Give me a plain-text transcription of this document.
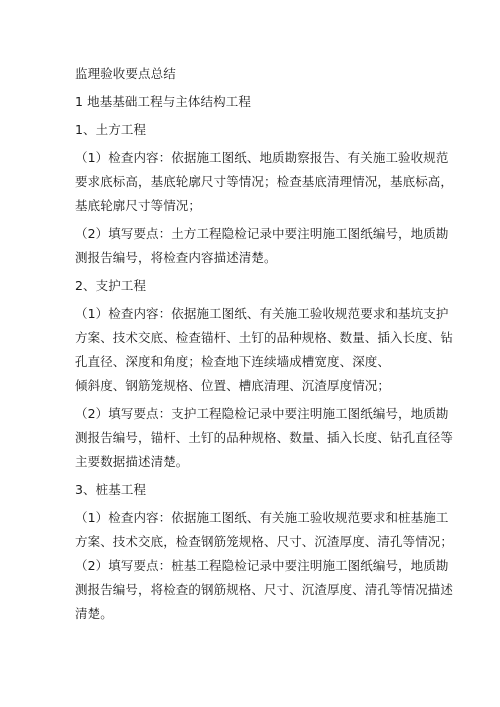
监理验收要点总结
1 地基基础工程与主体结构工程
1、土方工程
（1）检查内容：依据施工图纸、地质勘察报告、有关施工验收规范
要求底标高，基底轮廓尺寸等情况；检查基底清理情况，基底标高，
基底轮廓尺寸等情况；
（2）填写要点：土方工程隐检记录中要注明施工图纸编号，地质勘
测报告编号，将检查内容描述清楚。
2、支护工程
（1）检查内容：依据施工图纸、有关施工验收规范要求和基坑支护
方案、技术交底、检查锚杆、土钉的品种规格、数量、插入长度、钻
孔直径、深度和角度；检查地下连续墙成槽宽度、深度、
倾斜度、钢筋笼规格、位置、槽底清理、沉渣厚度情况；
（2）填写要点：支护工程隐检记录中要注明施工图纸编号，地质勘
测报告编号，锚杆、土钉的品种规格、数量、插入长度、钻孔直径等
主要数据描述清楚。
3、桩基工程
（1）检查内容：依据施工图纸、有关施工验收规范要求和桩基施工
方案、技术交底，检查钢筋笼规格、尺寸、沉渣厚度、清孔等情况；
（2）填写要点：桩基工程隐检记录中要注明施工图纸编号，地质勘
测报告编号，将检查的钢筋规格、尺寸、沉渣厚度、清孔等情况描述
清楚。
